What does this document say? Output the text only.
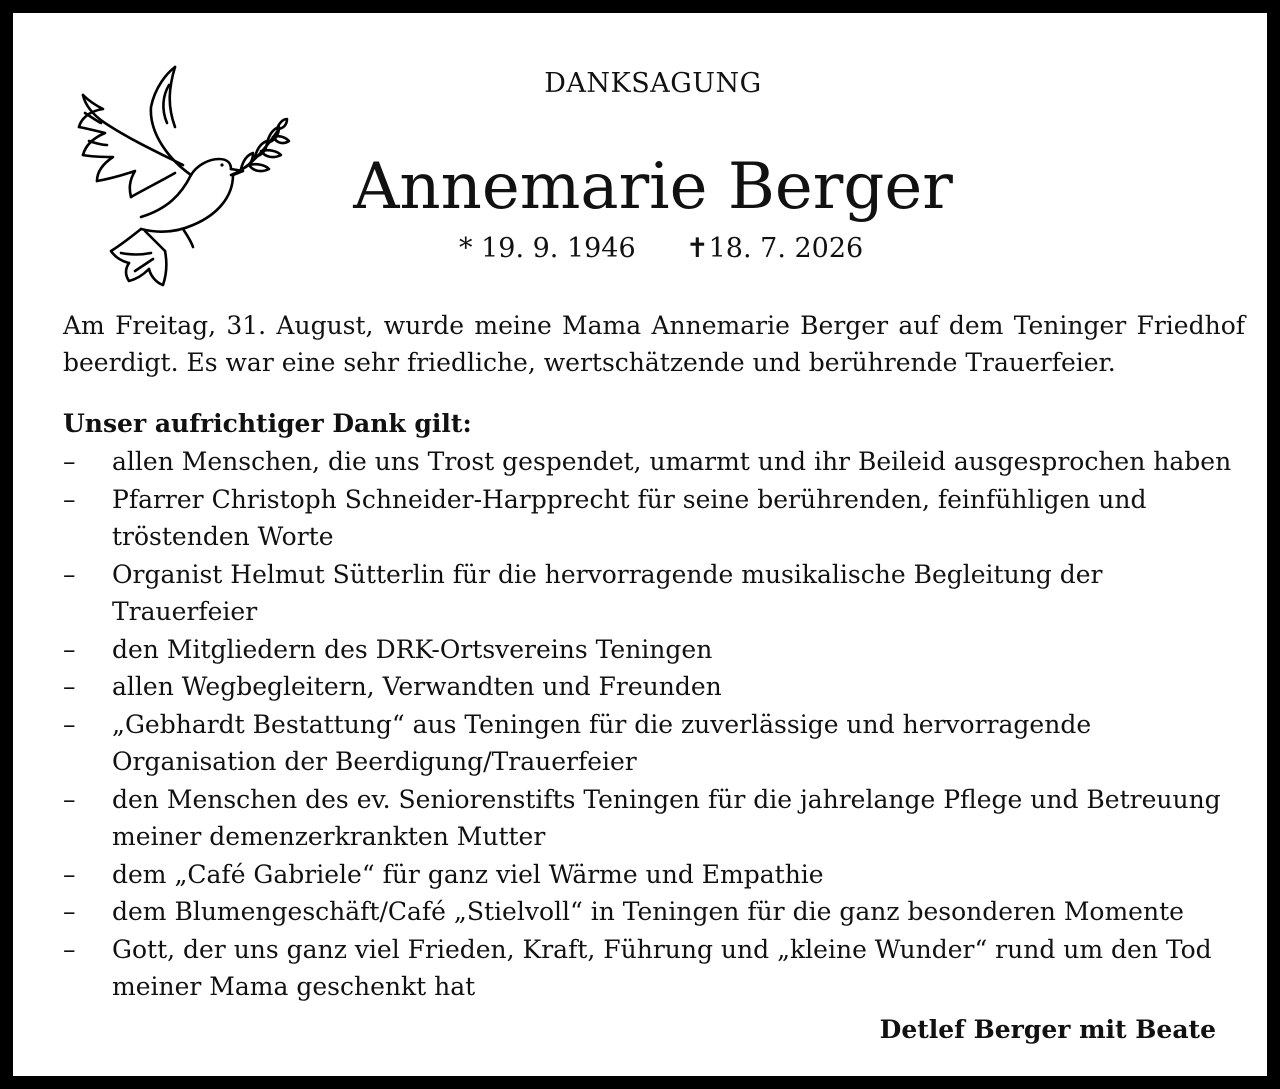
DANKSAGUNG
Annemarie Berger
* 19. 9. 1946 ✝18. 7. 2026
Am Freitag, 31. August, wurde meine Mama Annemarie Berger auf dem Teninger Friedhof
beerdigt. Es war eine sehr friedliche, wertschätzende und berührende Trauerfeier.
Unser aufrichtiger Dank gilt:
– allen Menschen, die uns Trost gespendet, umarmt und ihr Beileid ausgesprochen haben
– Pfarrer Christoph Schneider-Harpprecht für seine berührenden, feinfühligen und tröstenden Worte
– Organist Helmut Sütterlin für die hervorragende musikalische Begleitung der Trauerfeier
– den Mitgliedern des DRK-Ortsvereins Teningen
– allen Wegbegleitern, Verwandten und Freunden
– „Gebhardt Bestattung“ aus Teningen für die zuverlässige und hervorragende Organisation der Beerdigung/Trauerfeier
– den Menschen des ev. Seniorenstifts Teningen für die jahrelange Pflege und Betreuung meiner demenzerkrankten Mutter
– dem „Café Gabriele“ für ganz viel Wärme und Empathie
– dem Blumengeschäft/Café „Stielvoll“ in Teningen für die ganz besonderen Momente
– Gott, der uns ganz viel Frieden, Kraft, Führung und „kleine Wunder“ rund um den Tod meiner Mama geschenkt hat
Detlef Berger mit Beate
